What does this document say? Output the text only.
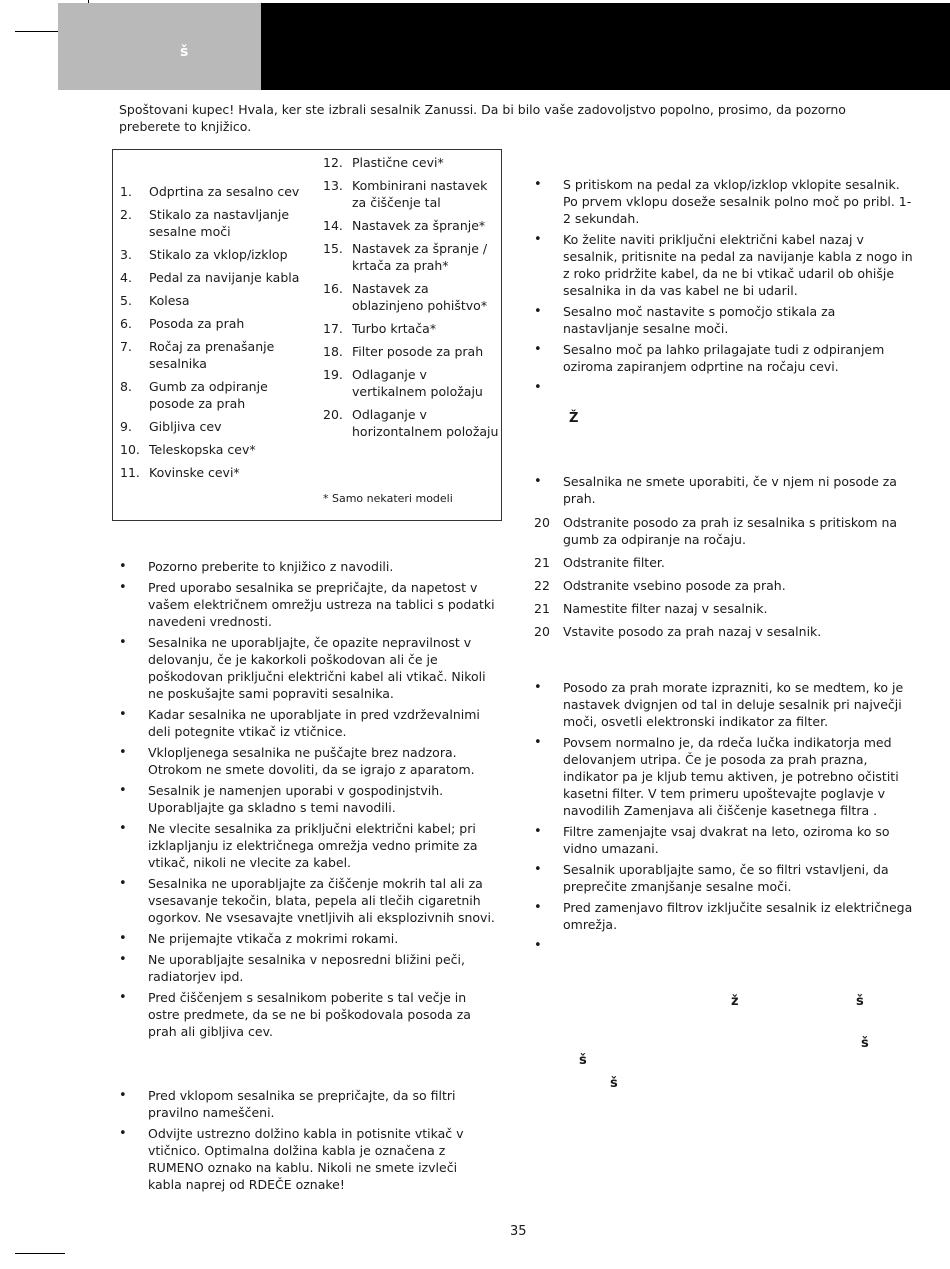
š
Spoštovani kupec! Hvala, ker ste izbrali sesalnik Zanussi. Da bi bilo vaše zadovoljstvo popolno, prosimo, da pozorno preberete to knjižico.
1. Odprtina za sesalno cev
2. Stikalo za nastavljanje sesalne moči
3. Stikalo za vklop/izklop
4. Pedal za navijanje kabla
5. Kolesa
6. Posoda za prah
7. Ročaj za prenašanje sesalnika
8. Gumb za odpiranje posode za prah
9. Gibljiva cev
10. Teleskopska cev*
11. Kovinske cevi*
12. Plastične cevi*
13. Kombinirani nastavek za čiščenje tal
14. Nastavek za špranje*
15. Nastavek za špranje / krtača za prah*
16. Nastavek za oblazinjeno pohištvo*
17. Turbo krtača*
18. Filter posode za prah
19. Odlaganje v vertikalnem položaju
20. Odlaganje v horizontalnem položaju
* Samo nekateri modeli
• Pozorno preberite to knjižico z navodili.
• Pred uporabo sesalnika se prepričajte, da napetost v vašem električnem omrežju ustreza na tablici s podatki navedeni vrednosti.
• Sesalnika ne uporabljajte, če opazite nepravilnost v delovanju, če je kakorkoli poškodovan ali če je poškodovan priključni električni kabel ali vtikač. Nikoli ne poskušajte sami popraviti sesalnika.
• Kadar sesalnika ne uporabljate in pred vzdrževalnimi deli potegnite vtikač iz vtičnice.
• Vklopljenega sesalnika ne puščajte brez nadzora. Otrokom ne smete dovoliti, da se igrajo z aparatom.
• Sesalnik je namenjen uporabi v gospodinjstvih. Uporabljajte ga skladno s temi navodili.
• Ne vlecite sesalnika za priključni električni kabel; pri izklapljanju iz električnega omrežja vedno primite za vtikač, nikoli ne vlecite za kabel.
• Sesalnika ne uporabljajte za čiščenje mokrih tal ali za vsesavanje tekočin, blata, pepela ali tlečih cigaretnih ogorkov. Ne vsesavajte vnetljivih ali eksplozivnih snovi.
• Ne prijemajte vtikača z mokrimi rokami.
• Ne uporabljajte sesalnika v neposredni bližini peči, radiatorjev ipd.
• Pred čiščenjem s sesalnikom poberite s tal večje in ostre predmete, da se ne bi poškodovala posoda za prah ali gibljiva cev.
• Pred vklopom sesalnika se prepričajte, da so filtri pravilno nameščeni.
• Odvijte ustrezno dolžino kabla in potisnite vtikač v vtičnico. Optimalna dolžina kabla je označena z RUMENO oznako na kablu. Nikoli ne smete izvleči kabla naprej od RDEČE oznake!
• S pritiskom na pedal za vklop/izklop vklopite sesalnik. Po prvem vklopu doseže sesalnik polno moč po pribl. 1-2 sekundah.
• Ko želite naviti priključni električni kabel nazaj v sesalnik, pritisnite na pedal za navijanje kabla z nogo in z roko pridržite kabel, da ne bi vtikač udaril ob ohišje sesalnika in da vas kabel ne bi udaril.
• Sesalno moč nastavite s pomočjo stikala za nastavljanje sesalne moči.
• Sesalno moč pa lahko prilagajate tudi z odpiranjem oziroma zapiranjem odprtine na ročaju cevi.
•
Ž
• Sesalnika ne smete uporabiti, če v njem ni posode za prah.
20 Odstranite posodo za prah iz sesalnika s pritiskom na gumb za odpiranje na ročaju.
21 Odstranite filter.
22 Odstranite vsebino posode za prah.
21 Namestite filter nazaj v sesalnik.
20 Vstavite posodo za prah nazaj v sesalnik.
• Posodo za prah morate izprazniti, ko se medtem, ko je nastavek dvignjen od tal in deluje sesalnik pri največji moči, osvetli elektronski indikator za filter.
• Povsem normalno je, da rdeča lučka indikatorja med delovanjem utripa. Če je posoda za prah prazna, indikator pa je kljub temu aktiven, je potrebno očistiti kasetni filter. V tem primeru upoštevajte poglavje v navodilih Zamenjava ali čiščenje kasetnega filtra .
• Filtre zamenjajte vsaj dvakrat na leto, oziroma ko so vidno umazani.
• Sesalnik uporabljajte samo, če so filtri vstavljeni, da preprečite zmanjšanje sesalne moči.
• Pred zamenjavo filtrov izključite sesalnik iz električnega omrežja.
•
ž	š
š
š
š
35
